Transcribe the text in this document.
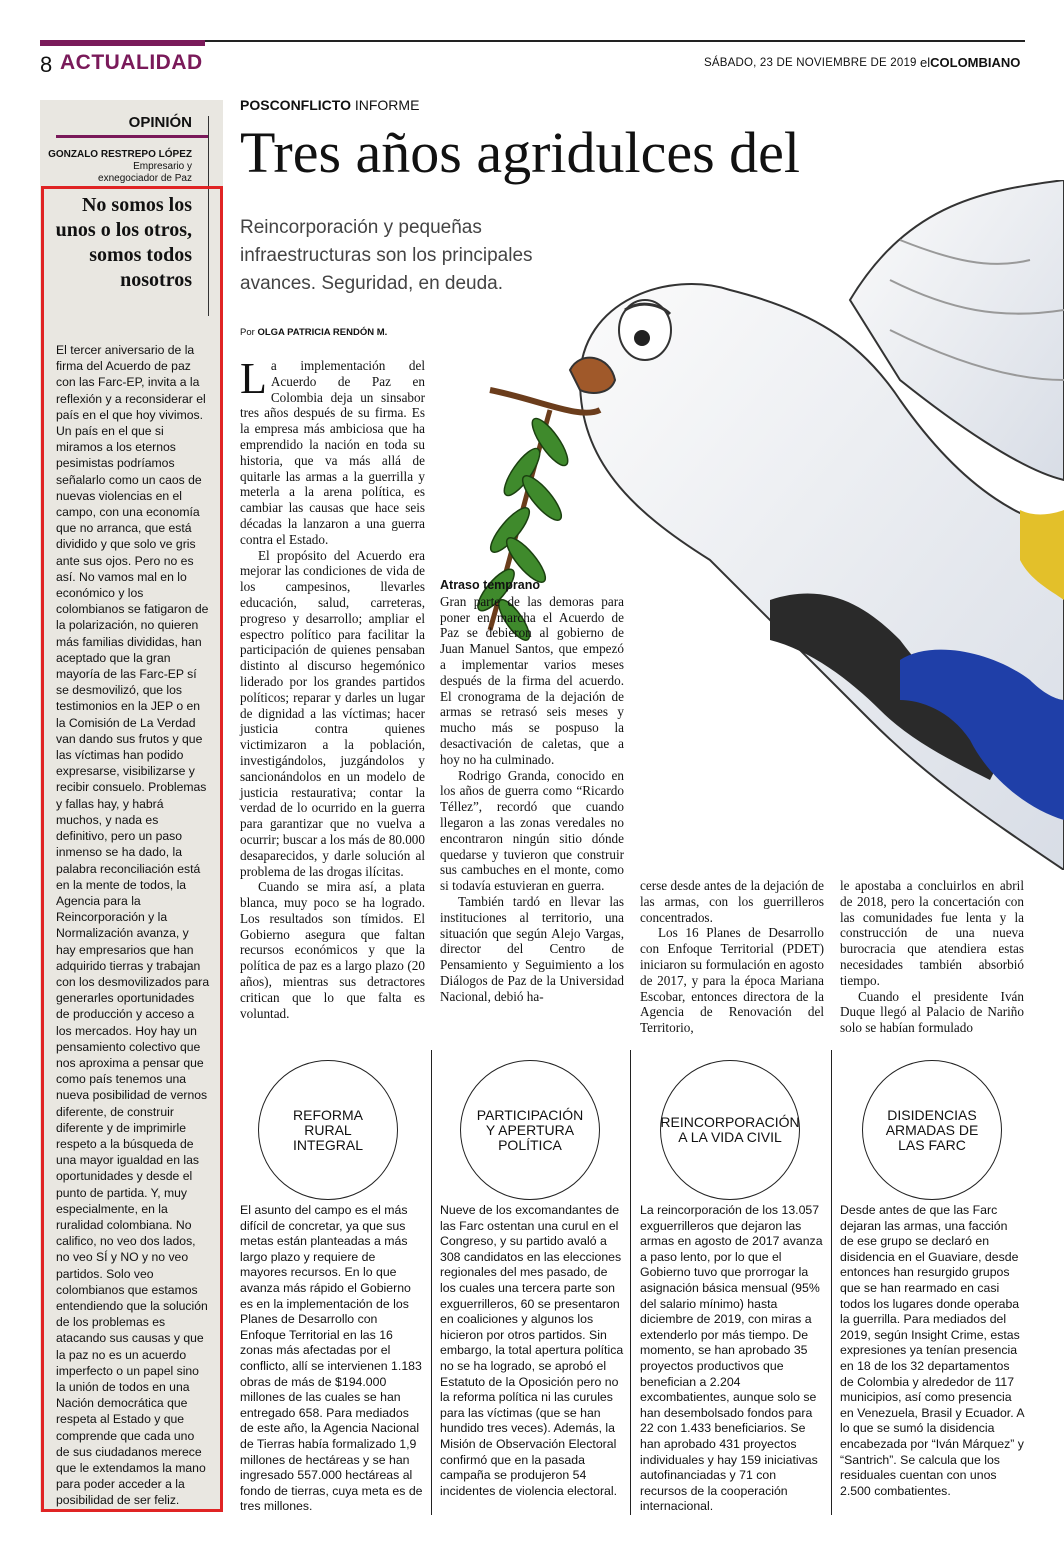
8 ACTUALIDAD	SÁBADO, 23 DE NOVIEMBRE DE 2019 elCOLOMBIANO
OPINIÓN
GONZALO RESTREPO LÓPEZ
Empresario y
exnegociador de Paz
No somos los unos o los otros, somos todos nosotros
El tercer aniversario de la firma del Acuerdo de paz con las Farc-EP, invita a la reflexión y a reconsiderar el país en el que hoy vivimos. Un país en el que si miramos a los eternos pesimistas podríamos señalarlo como un caos de nuevas violencias en el campo, con una economía que no arranca, que está dividido y que solo ve gris ante sus ojos. Pero no es así. No vamos mal en lo económico y los colombianos se fatigaron de la polarización, no quieren más familias divididas, han aceptado que la gran mayoría de las Farc-EP sí se desmovilizó, que los testimonios en la JEP o en la Comisión de La Verdad van dando sus frutos y que las víctimas han podido expresarse, visibilizarse y recibir consuelo. Problemas y fallas hay, y habrá muchos, y nada es definitivo, pero un paso inmenso se ha dado, la palabra reconciliación está en la mente de todos, la Agencia para la Reincorporación y la Normalización avanza, y hay empresarios que han adquirido tierras y trabajan con los desmovilizados para generarles oportunidades de producción y acceso a los mercados. Hoy hay un pensamiento colectivo que nos aproxima a pensar que como país tenemos una nueva posibilidad de vernos diferente, de construir diferente y de imprimirle respeto a la búsqueda de una mayor igualdad en las oportunidades y desde el punto de partida. Y, muy especialmente, en la ruralidad colombiana. No califico, no veo dos lados, no veo SÍ y NO y no veo partidos. Solo veo colombianos que estamos entendiendo que la solución de los problemas es atacando sus causas y que la paz no es un acuerdo imperfecto o un papel sino la unión de todos en una Nación democrática que respeta al Estado y que comprende que cada uno de sus ciudadanos merece que le extendamos la mano para poder acceder a la posibilidad de ser feliz.
POSCONFLICTO INFORME
Tres años agridulces del
Reincorporación y pequeñas infraestructuras son los principales avances. Seguridad, en deuda.
Por OLGA PATRICIA RENDÓN M.

La implementación del Acuerdo de Paz en Colombia deja un sinsabor tres años después de su firma. Es la empresa más ambiciosa que ha emprendido la nación en toda su historia, que va más allá de quitarle las armas a la guerrilla y meterla a la arena política, es cambiar las causas que hace seis décadas la lanzaron a una guerra contra el Estado.

El propósito del Acuerdo era mejorar las condiciones de vida de los campesinos, llevarles educación, salud, carreteras, progreso y desarrollo; ampliar el espectro político para facilitar la participación de quienes pensaban distinto al discurso hegemónico liderado por los grandes partidos políticos; reparar y darles un lugar de dignidad a las víctimas; hacer justicia contra quienes victimizaron a la población, investigándolos, juzgándolos y sancionándolos en un modelo de justicia restaurativa; contar la verdad de lo ocurrido en la guerra para garantizar que no vuelva a ocurrir; buscar a los más de 80.000 desaparecidos, y darle solución al problema de las drogas ilícitas.

Cuando se mira así, a plata blanca, muy poco se ha logrado. Los resultados son tímidos. El Gobierno asegura que faltan recursos económicos y que la política de paz es a largo plazo (20 años), mientras sus detractores critican que lo que falta es voluntad.

Atraso temprano

Gran parte de las demoras para poner en marcha el Acuerdo de Paz se debieron al gobierno de Juan Manuel Santos, que empezó a implementar varios meses después de la firma del acuerdo. El cronograma de la dejación de armas se retrasó seis meses y mucho más se pospuso la desactivación de caletas, que a hoy no ha culminado.

Rodrigo Granda, conocido en los años de guerra como “Ricardo Téllez”, recordó que cuando llegaron a las zonas veredales no encontraron ningún sitio dónde quedarse y tuvieron que construir sus cambuches en el monte, como si todavía estuvieran en guerra.

También tardó en llevar las instituciones al territorio, una situación que según Alejo Vargas, director del Centro de Pensamiento y Seguimiento a los Diálogos de Paz de la Universidad Nacional, debió ha-

cerse desde antes de la dejación de las armas, con los guerrilleros concentrados.

Los 16 Planes de Desarrollo con Enfoque Territorial (PDET) iniciaron su formulación en agosto de 2017, y para la época Mariana Escobar, entonces directora de la Agencia de Renovación del Territorio,

le apostaba a concluirlos en abril de 2018, pero la concertación con las comunidades fue lenta y la construcción de una nueva burocracia que atendiera estas necesidades también absorbió tiempo.

Cuando el presidente Iván Duque llegó al Palacio de Nariño solo se habían formulado

REFORMA RURAL INTEGRAL
PARTICIPACIÓN Y APERTURA POLÍTICA
REINCORPORACIÓN A LA VIDA CIVIL
DISIDENCIAS ARMADAS DE LAS FARC

El asunto del campo es el más difícil de concretar, ya que sus metas están planteadas a más largo plazo y requiere de mayores recursos. En lo que avanza más rápido el Gobierno es en la implementación de los Planes de Desarrollo con Enfoque Territorial en las 16 zonas más afectadas por el conflicto, allí se intervienen 1.183 obras de más de $194.000 millones de las cuales se han entregado 658. Para mediados de este año, la Agencia Nacional de Tierras había formalizado 1,9 millones de hectáreas y se han ingresado 557.000 hectáreas al fondo de tierras, cuya meta es de tres millones.

Nueve de los excomandantes de las Farc ostentan una curul en el Congreso, y su partido avaló a 308 candidatos en las elecciones regionales del mes pasado, de los cuales una tercera parte son exguerrilleros, 60 se presentaron en coaliciones y algunos los hicieron por otros partidos. Sin embargo, la total apertura política no se ha logrado, se aprobó el Estatuto de la Oposición pero no la reforma política ni las curules para las víctimas (que se han hundido tres veces). Además, la Misión de Observación Electoral confirmó que en la pasada campaña se produjeron 54 incidentes de violencia electoral.

La reincorporación de los 13.057 exguerrilleros que dejaron las armas en agosto de 2017 avanza a paso lento, por lo que el Gobierno tuvo que prorrogar la asignación básica mensual (95% del salario mínimo) hasta diciembre de 2019, con miras a extenderlo por más tiempo. De momento, se han aprobado 35 proyectos productivos que benefician a 2.204 excombatientes, aunque solo se han desembolsado fondos para 22 con 1.433 beneficiarios. Se han aprobado 431 proyectos individuales y hay 159 iniciativas autofinanciadas y 71 con recursos de la cooperación internacional.

Desde antes de que las Farc dejaran las armas, una facción de ese grupo se declaró en disidencia en el Guaviare, desde entonces han resurgido grupos que se han rearmado en casi todos los lugares donde operaba la guerrilla. Para mediados del 2019, según Insight Crime, estas expresiones ya tenían presencia en 18 de los 32 departamentos de Colombia y alrededor de 117 municipios, así como presencia en Venezuela, Brasil y Ecuador. A lo que se sumó la disidencia encabezada por “Iván Márquez” y “Santrich”. Se calcula que los residuales cuentan con unos 2.500 combatientes.
